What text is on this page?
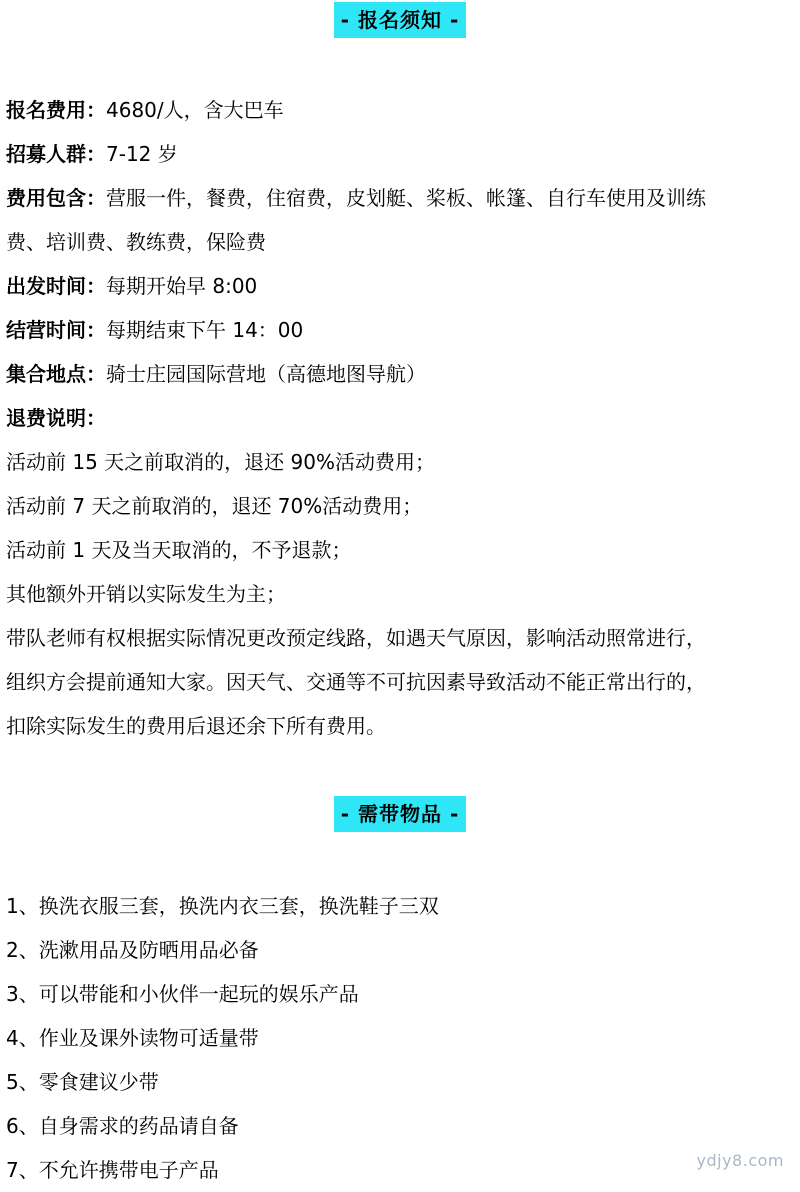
- 报名须知 -
报名费用：4680/人，含大巴车
招募人群：7-12 岁
费用包含：营服一件，餐费，住宿费，皮划艇、桨板、帐篷、自行车使用及训练
费、培训费、教练费，保险费
出发时间：每期开始早 8:00
结营时间：每期结束下午 14：00
集合地点：骑士庄园国际营地（高德地图导航）
退费说明：
活动前 15 天之前取消的，退还 90%活动费用；
活动前 7 天之前取消的，退还 70%活动费用；
活动前 1 天及当天取消的，不予退款；
其他额外开销以实际发生为主；
带队老师有权根据实际情况更改预定线路，如遇天气原因，影响活动照常进行，
组织方会提前通知大家。因天气、交通等不可抗因素导致活动不能正常出行的，
扣除实际发生的费用后退还余下所有费用。
- 需带物品 -
1、换洗衣服三套，换洗内衣三套，换洗鞋子三双
2、洗漱用品及防晒用品必备
3、可以带能和小伙伴一起玩的娱乐产品
4、作业及课外读物可适量带
5、零食建议少带
6、自身需求的药品请自备
7、不允许携带电子产品	ydjy8.com
